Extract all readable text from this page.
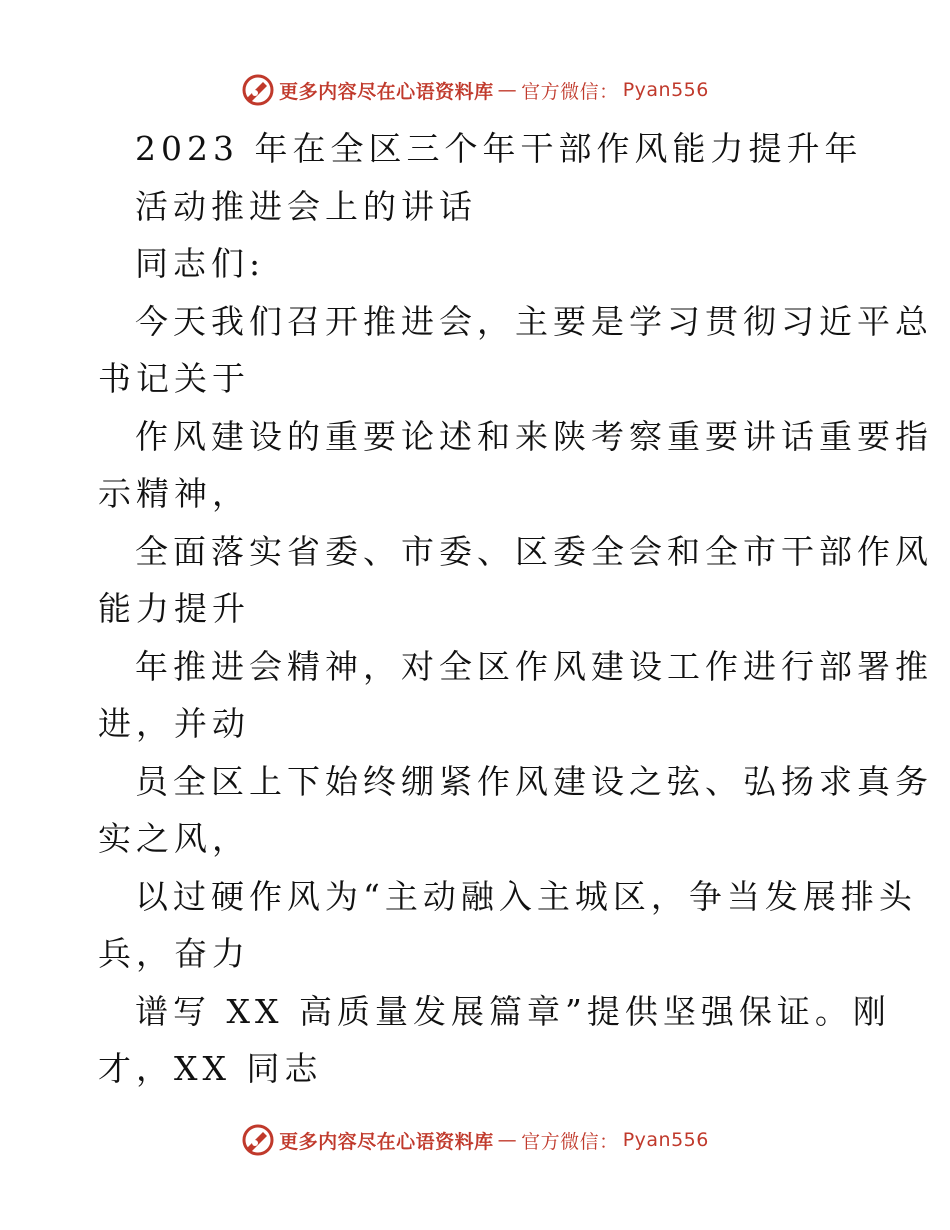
更多内容尽在心语资料库 — 官方微信： Pyan556
2023 年在全区三个年干部作风能力提升年
活动推进会上的讲话
同志们:
今天我们召开推进会，主要是学习贯彻习近平总
书记关于
作风建设的重要论述和来陕考察重要讲话重要指
示精神，
全面落实省委、市委、区委全会和全市干部作风
能力提升
年推进会精神，对全区作风建设工作进行部署推
进，并动
员全区上下始终绷紧作风建设之弦、弘扬求真务
实之风，
以过硬作风为“主动融入主城区，争当发展排头
兵，奋力
谱写 XX 高质量发展篇章”提供坚强保证。刚
才，XX 同志
更多内容尽在心语资料库 — 官方微信： Pyan556
